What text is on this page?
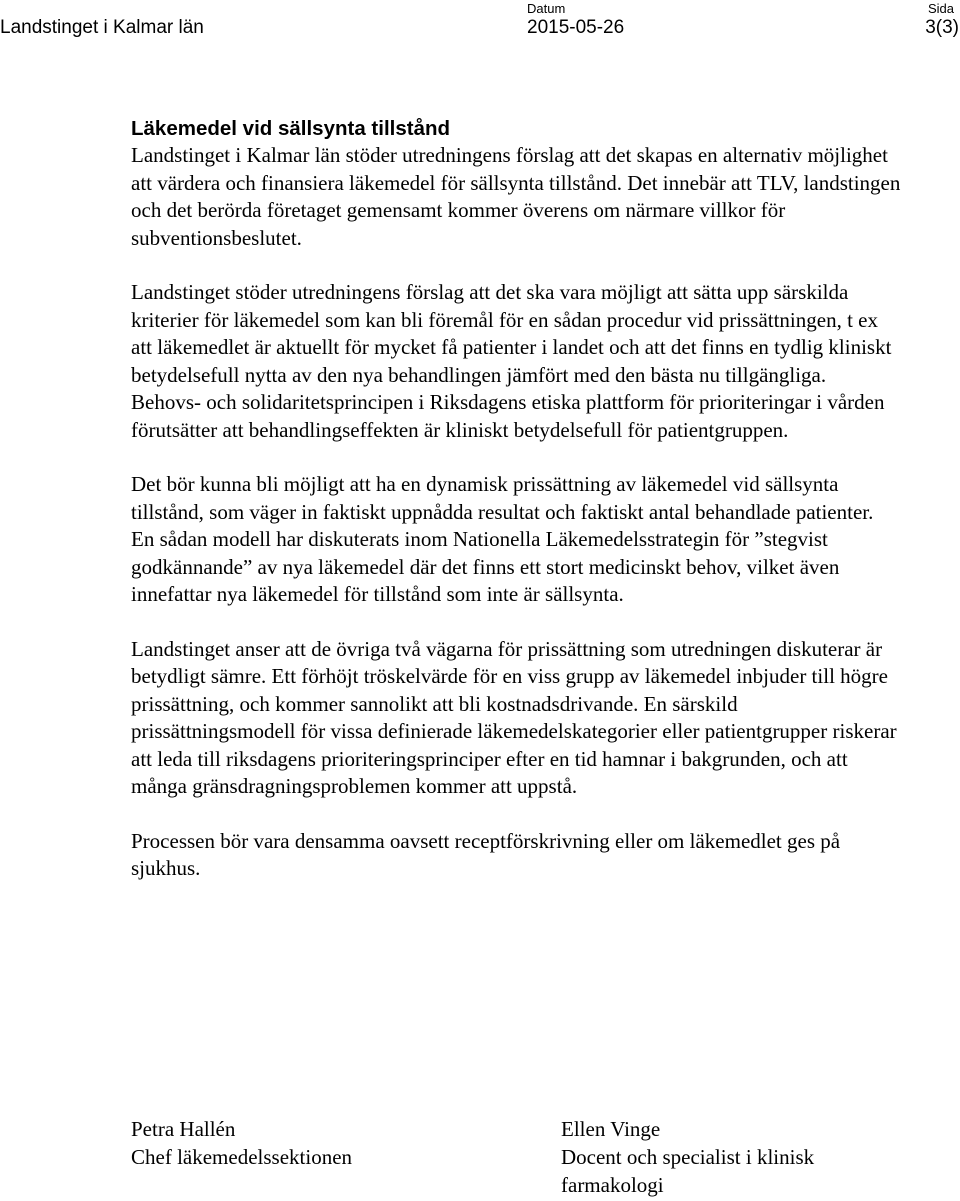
Landstinget i Kalmar län
Datum
2015-05-26
Sida
3(3)
Läkemedel vid sällsynta tillstånd

Landstinget i Kalmar län stöder utredningens förslag att det skapas en alternativ möjlighet att värdera och finansiera läkemedel för sällsynta tillstånd. Det innebär att TLV, landstingen och det berörda företaget gemensamt kommer överens om närmare villkor för subventionsbeslutet.

Landstinget stöder utredningens förslag att det ska vara möjligt att sätta upp särskilda kriterier för läkemedel som kan bli föremål för en sådan procedur vid prissättningen, t ex att läkemedlet är aktuellt för mycket få patienter i landet och att det finns en tydlig kliniskt betydelsefull nytta av den nya behandlingen jämfört med den bästa nu tillgängliga. Behovs- och solidaritetsprincipen i Riksdagens etiska plattform för prioriteringar i vården förutsätter att behandlingseffekten är kliniskt betydelsefull för patientgruppen.

Det bör kunna bli möjligt att ha en dynamisk prissättning av läkemedel vid sällsynta tillstånd, som väger in faktiskt uppnådda resultat och faktiskt antal behandlade patienter. En sådan modell har diskuterats inom Nationella Läkemedelsstrategin för ”stegvist godkännande” av nya läkemedel där det finns ett stort medicinskt behov, vilket även innefattar nya läkemedel för tillstånd som inte är sällsynta.

Landstinget anser att de övriga två vägarna för prissättning som utredningen diskuterar är betydligt sämre. Ett förhöjt tröskelvärde för en viss grupp av läkemedel inbjuder till högre prissättning, och kommer sannolikt att bli kostnadsdrivande. En särskild prissättningsmodell för vissa definierade läkemedelskategorier eller patientgrupper riskerar att leda till riksdagens prioriteringsprinciper efter en tid hamnar i bakgrunden, och att många gränsdragningsproblemen kommer att uppstå.

Processen bör vara densamma oavsett receptförskrivning eller om läkemedlet ges på sjukhus.

Petra Hallén
Chef läkemedelssektionen
Ellen Vinge
Docent och specialist i klinisk
farmakologi
